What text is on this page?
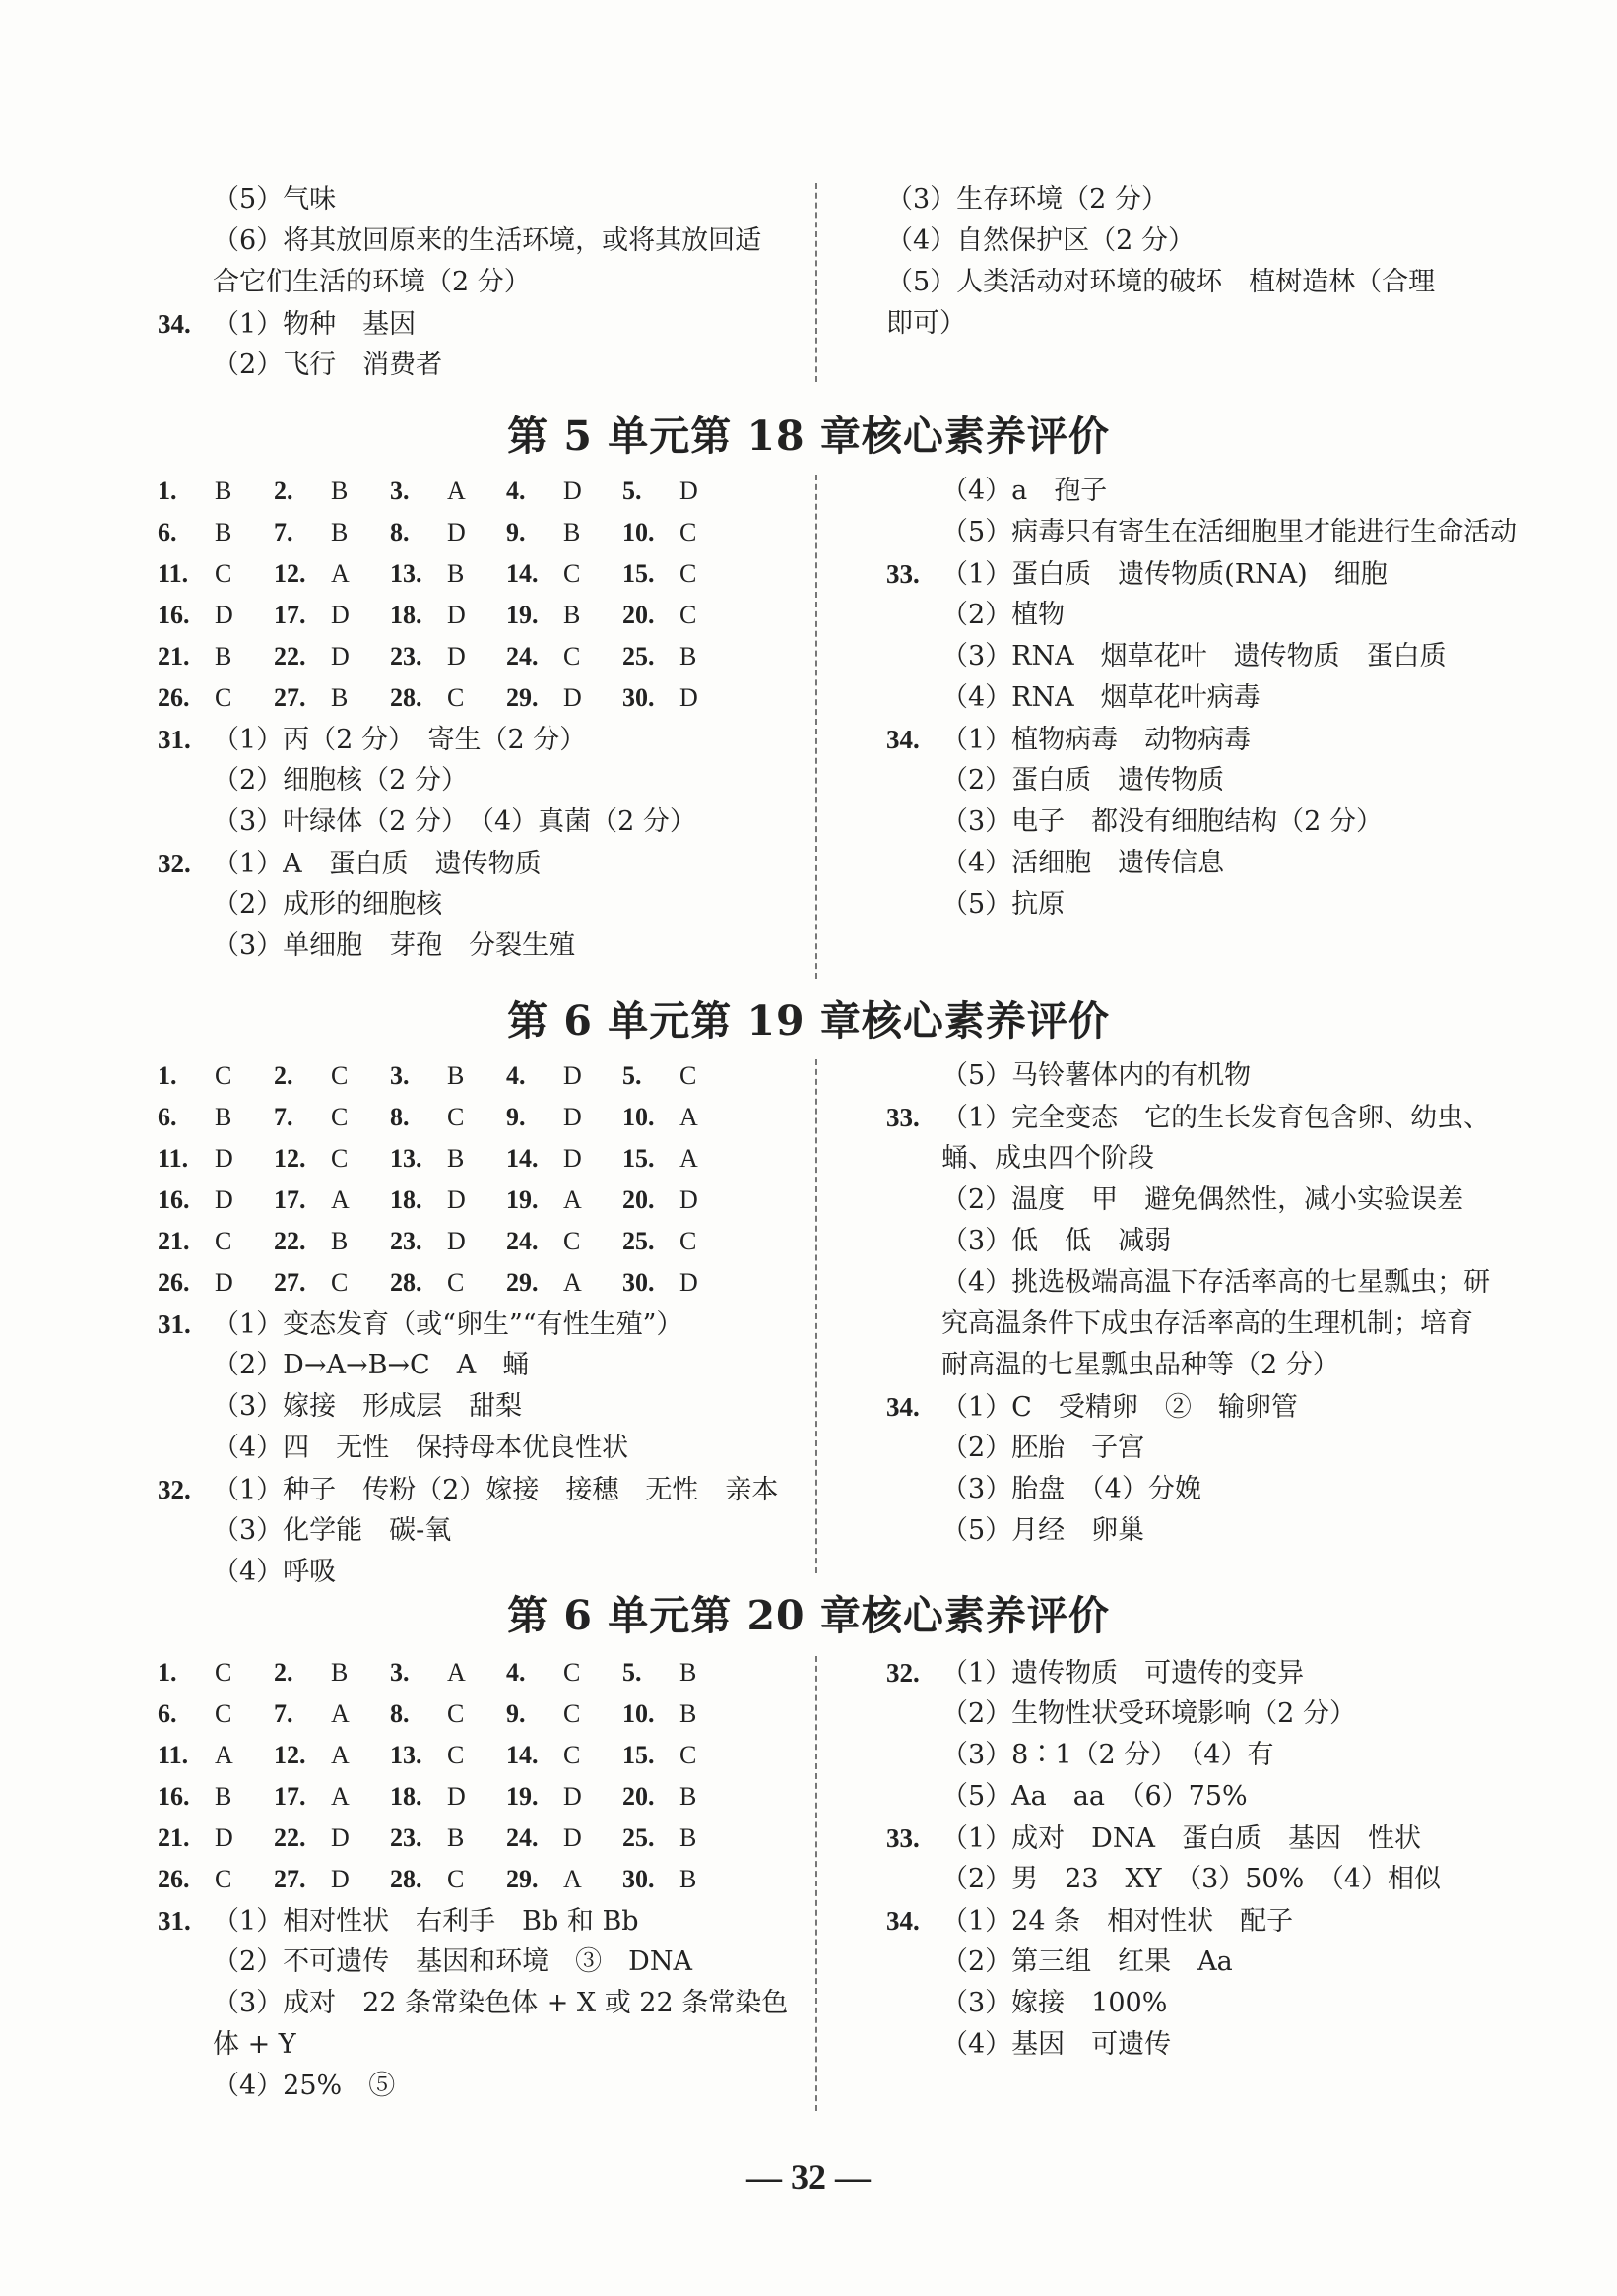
（5）气味
（6）将其放回原来的生活环境，或将其放回适
合它们生活的环境（2 分）
34. （1）物种　基因
（2）飞行　消费者
（3）生存环境（2 分）
（4）自然保护区（2 分）
（5）人类活动对环境的破坏　植树造林（合理
即可）
第 5 单元第 18 章核心素养评价
1. B 2. B 3. A 4. D 5. D
6. B 7. B 8. D 9. B 10. C
11. C 12. A 13. B 14. C 15. C
16. D 17. D 18. D 19. B 20. C
21. B 22. D 23. D 24. C 25. B
26. C 27. B 28. C 29. D 30. D
31. （1）丙（2 分）　寄生（2 分）
（2）细胞核（2 分）
（3）叶绿体（2 分）　（4）真菌（2 分）
32. （1）A　蛋白质　遗传物质
（2）成形的细胞核
（3）单细胞　芽孢　分裂生殖
（4）a　孢子
（5）病毒只有寄生在活细胞里才能进行生命活动
33. （1）蛋白质　遗传物质(RNA)　细胞
（2）植物
（3）RNA　烟草花叶　遗传物质　蛋白质
（4）RNA　烟草花叶病毒
34. （1）植物病毒　动物病毒
（2）蛋白质　遗传物质
（3）电子　都没有细胞结构（2 分）
（4）活细胞　遗传信息
（5）抗原
第 6 单元第 19 章核心素养评价
1. C 2. C 3. B 4. D 5. C
6. B 7. C 8. C 9. D 10. A
11. D 12. C 13. B 14. D 15. A
16. D 17. A 18. D 19. A 20. D
21. C 22. B 23. D 24. C 25. C
26. D 27. C 28. C 29. A 30. D
31. （1）变态发育（或“卵生”“有性生殖”）
（2）D→A→B→C　A　蛹
（3）嫁接　形成层　甜梨
（4）四　无性　保持母本优良性状
32. （1）种子　传粉（2）嫁接　接穗　无性　亲本
（3）化学能　碳-氧
（4）呼吸
（5）马铃薯体内的有机物
33. （1）完全变态　它的生长发育包含卵、幼虫、
蛹、成虫四个阶段
（2）温度　甲　避免偶然性，减小实验误差
（3）低　低　减弱
（4）挑选极端高温下存活率高的七星瓢虫；研
究高温条件下成虫存活率高的生理机制；培育
耐高温的七星瓢虫品种等（2 分）
34. （1）C　受精卵　②　输卵管
（2）胚胎　子宫
（3）胎盘　（4）分娩
（5）月经　卵巢
第 6 单元第 20 章核心素养评价
1. C 2. B 3. A 4. C 5. B
6. C 7. A 8. C 9. C 10. B
11. A 12. A 13. C 14. C 15. C
16. B 17. A 18. D 19. D 20. B
21. D 22. D 23. B 24. D 25. B
26. C 27. D 28. C 29. A 30. B
31. （1）相对性状　右利手　Bb 和 Bb
（2）不可遗传　基因和环境　③　DNA
（3）成对　22 条常染色体 + X 或 22 条常染色
体 + Y
（4）25%　⑤
32. （1）遗传物质　可遗传的变异
（2）生物性状受环境影响（2 分）
（3）8∶1（2 分）　（4）有
（5）Aa　aa　（6）75%
33. （1）成对　DNA　蛋白质　基因　性状
（2）男　23　XY　（3）50%　（4）相似
34. （1）24 条　相对性状　配子
（2）第三组　红果　Aa
（3）嫁接　100%
（4）基因　可遗传
— 32 —
